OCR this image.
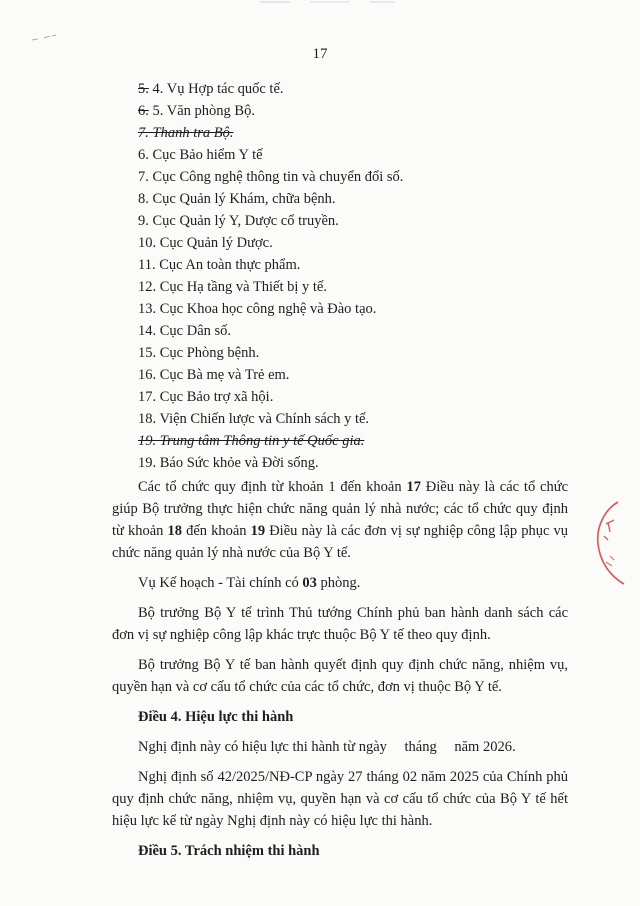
17
5. 4. Vụ Hợp tác quốc tế.
6. 5. Văn phòng Bộ.
7. Thanh tra Bộ.
6. Cục Bảo hiểm Y tế
7. Cục Công nghệ thông tin và chuyển đổi số.
8. Cục Quản lý Khám, chữa bệnh.
9. Cục Quản lý Y, Dược cổ truyền.
10. Cục Quản lý Dược.
11. Cục An toàn thực phẩm.
12. Cục Hạ tầng và Thiết bị y tế.
13. Cục Khoa học công nghệ và Đào tạo.
14. Cục Dân số.
15. Cục Phòng bệnh.
16. Cục Bà mẹ và Trẻ em.
17. Cục Bảo trợ xã hội.
18. Viện Chiến lược và Chính sách y tế.
19. Trung tâm Thông tin y tế Quốc gia.
19. Báo Sức khỏe và Đời sống.

Các tổ chức quy định từ khoản 1 đến khoản 17 Điều này là các tổ chức giúp Bộ trưởng thực hiện chức năng quản lý nhà nước; các tổ chức quy định từ khoản 18 đến khoản 19 Điều này là các đơn vị sự nghiệp công lập phục vụ chức năng quản lý nhà nước của Bộ Y tế.

Vụ Kế hoạch - Tài chính có 03 phòng.

Bộ trưởng Bộ Y tế trình Thủ tướng Chính phủ ban hành danh sách các đơn vị sự nghiệp công lập khác trực thuộc Bộ Y tế theo quy định.

Bộ trưởng Bộ Y tế ban hành quyết định quy định chức năng, nhiệm vụ, quyền hạn và cơ cấu tổ chức của các tổ chức, đơn vị thuộc Bộ Y tế.

Điều 4. Hiệu lực thi hành

Nghị định này có hiệu lực thi hành từ ngày tháng năm 2026.

Nghị định số 42/2025/NĐ-CP ngày 27 tháng 02 năm 2025 của Chính phủ quy định chức năng, nhiệm vụ, quyền hạn và cơ cấu tổ chức của Bộ Y tế hết hiệu lực kể từ ngày Nghị định này có hiệu lực thi hành.

Điều 5. Trách nhiệm thi hành
